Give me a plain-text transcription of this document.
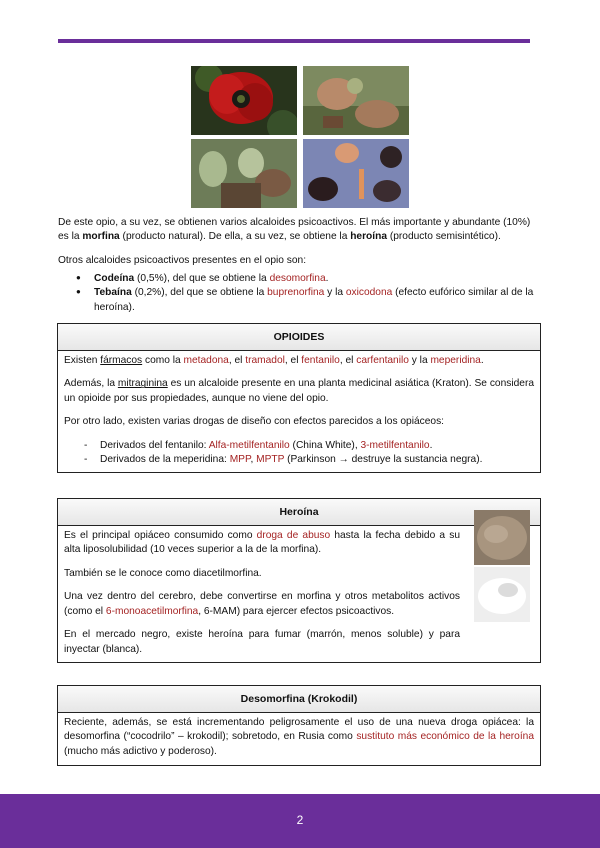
De este opio, a su vez, se obtienen varios alcaloides psicoactivos. El más importante y abundante (10%) es la morfina (producto natural). De ella, a su vez, se obtiene la heroína (producto semisintético).

Otros alcaloides psicoactivos presentes en el opio son:

● Codeína (0,5%), del que se obtiene la desomorfina.
● Tebaína (0,2%), del que se obtiene la buprenorfina y la oxicodona (efecto eufórico similar al de la heroína).
OPIOIDES

Existen fármacos como la metadona, el tramadol, el fentanilo, el carfentanilo y la meperidina.

Además, la mitraginina es un alcaloide presente en una planta medicinal asiática (Kraton). Se considera un opioide por sus propiedades, aunque no viene del opio.

Por otro lado, existen varias drogas de diseño con efectos parecidos a los opiáceos:

- Derivados del fentanilo: Alfa-metilfentanilo (China White), 3-metilfentanilo.
- Derivados de la meperidina: MPP, MPTP (Parkinson → destruye la sustancia negra).
Heroína

Es el principal opiáceo consumido como droga de abuso hasta la fecha debido a su alta liposolubilidad (10 veces superior a la de la morfina).

También se le conoce como diacetilmorfina.

Una vez dentro del cerebro, debe convertirse en morfina y otros metabolitos activos (como el 6-monoacetilmorfina, 6-MAM) para ejercer efectos psicoactivos.

En el mercado negro, existe heroína para fumar (marrón, menos soluble) y para inyectar (blanca).

Desomorfina (Krokodil)

Reciente, además, se está incrementando peligrosamente el uso de una nueva droga opiácea: la desomorfina (“cocodrilo” – krokodil); sobretodo, en Rusia como sustituto más económico de la heroína (mucho más adictivo y poderoso).

2
